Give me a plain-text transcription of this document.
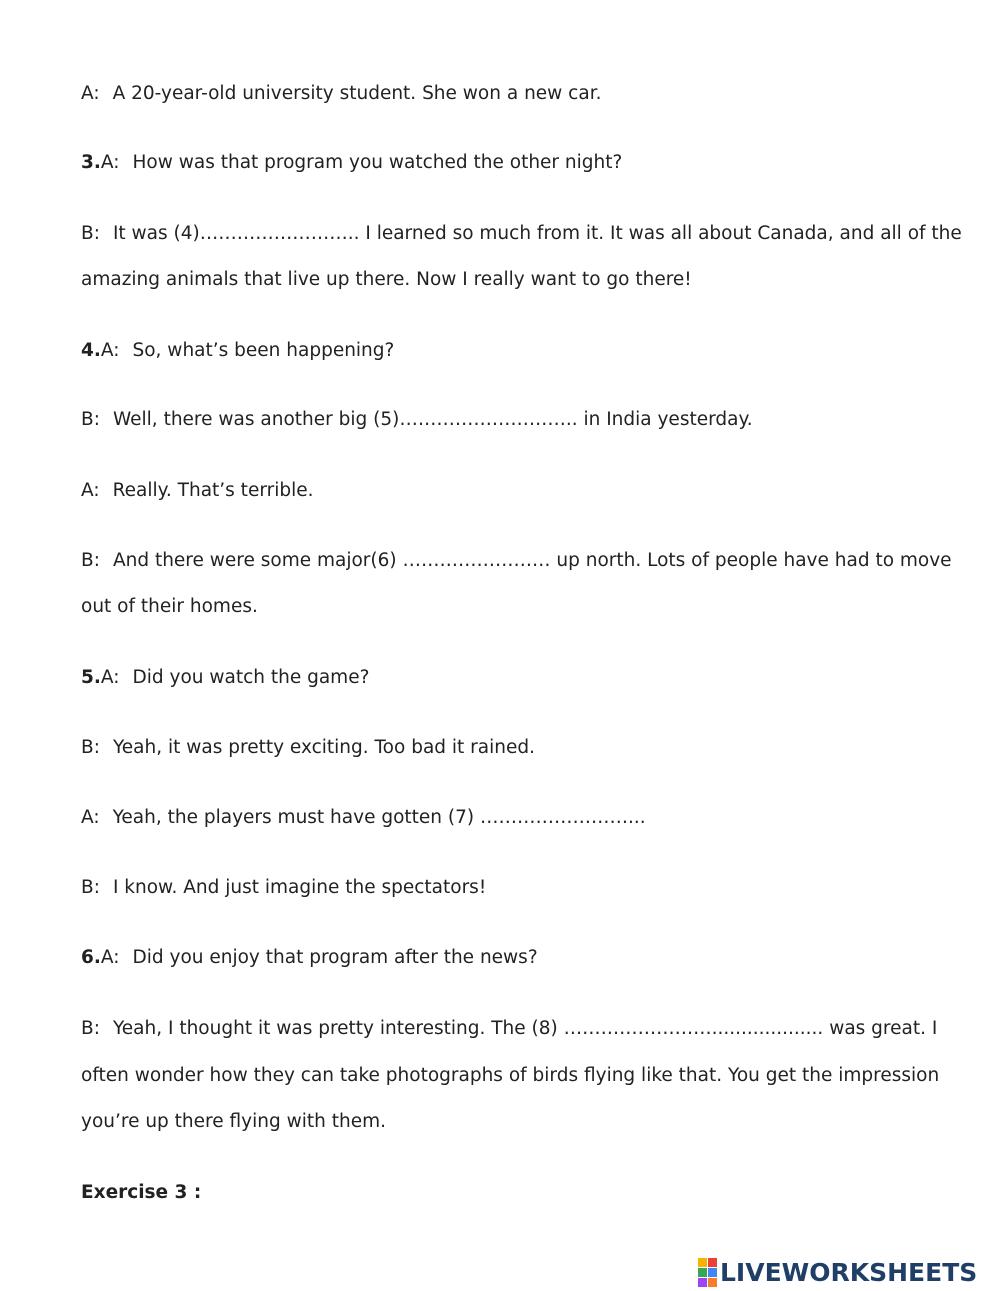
A: A 20-year-old university student. She won a new car.
3.A: How was that program you watched the other night?
B: It was (4)…………………….. I learned so much from it. It was all about Canada, and all of the
amazing animals that live up there. Now I really want to go there!
4.A: So, what’s been happening?
B: Well, there was another big (5)……………………….. in India yesterday.
A: Really. That’s terrible.
B: And there were some major(6) …………………… up north. Lots of people have had to move
out of their homes.
5.A: Did you watch the game?
B: Yeah, it was pretty exciting. Too bad it rained.
A: Yeah, the players must have gotten (7) ……………………...
B: I know. And just imagine the spectators!
6.A: Did you enjoy that program after the news?
B: Yeah, I thought it was pretty interesting. The (8) ……………………................... was great. I
often wonder how they can take photographs of birds flying like that. You get the impression
you’re up there flying with them.
Exercise 3 :
LIVEWORKSHEETS
